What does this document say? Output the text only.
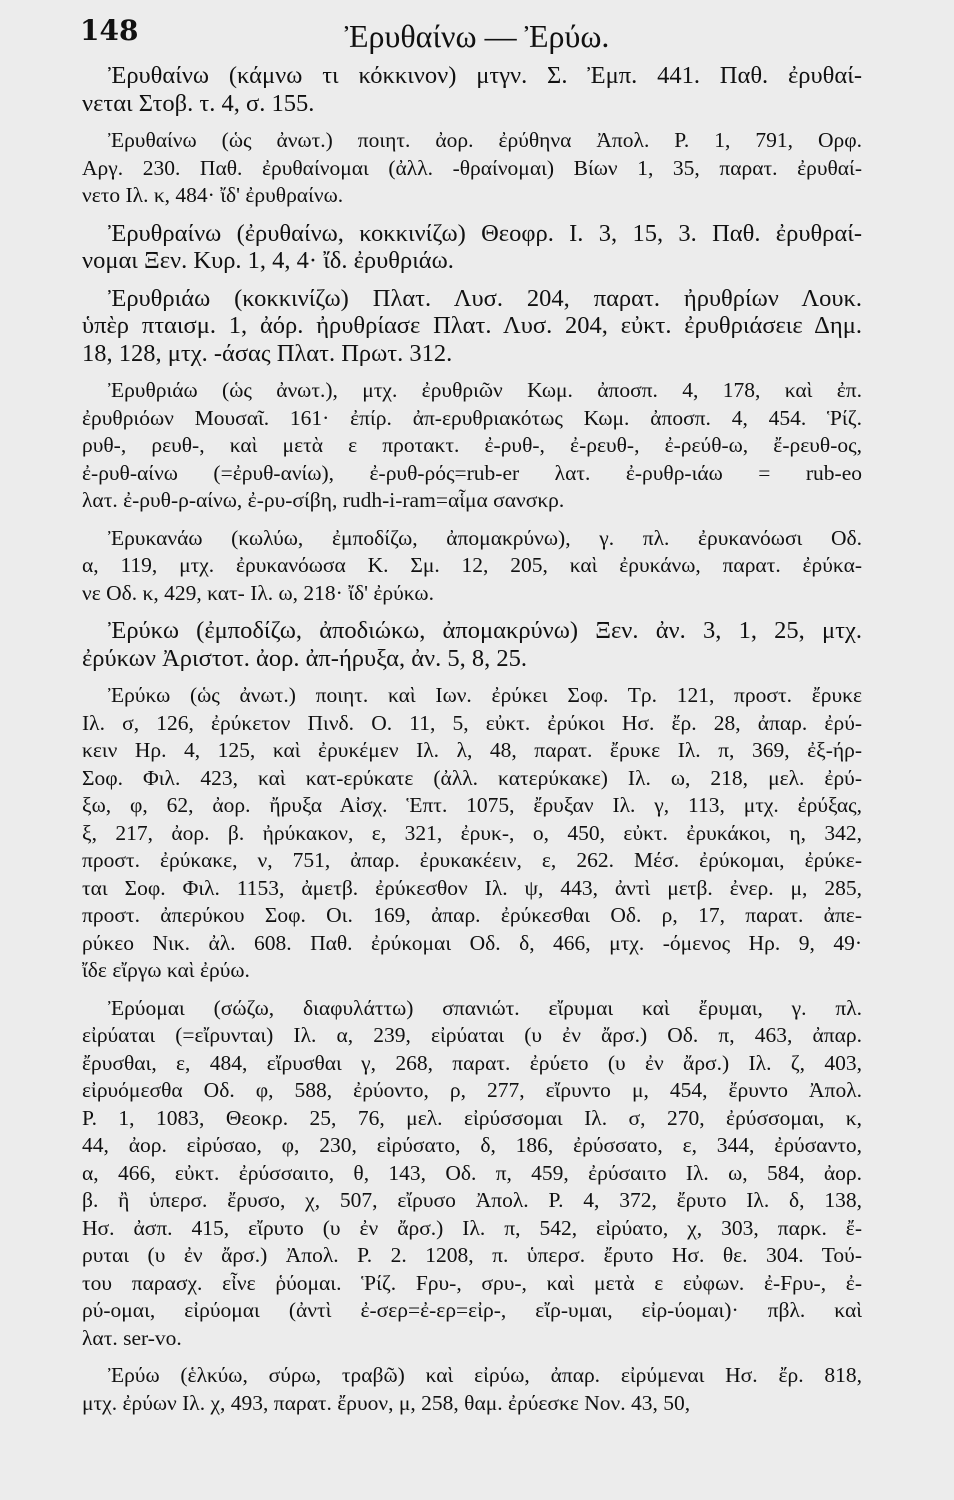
148	Ἐρυθαίνω — Ἐρύω.
Ἐρυθαίνω (κάμνω τι κόκκινον) μτγν. Σ. Ἐμπ. 441. Παθ. ἐρυθαί-
νεται Στοβ. τ. 4, σ. 155.
Ἐρυθαίνω (ὡς ἀνωτ.) ποιητ. ἀορ. ἐρύθηνα Ἀπολ. Ρ. 1, 791, Ορφ.
Αργ. 230. Παθ. ἐρυθαίνομαι (ἀλλ. -θραίνομαι) Βίων 1, 35, παρατ. ἐρυθαί-
νετο Ιλ. κ, 484· ἴδ' ἐρυθραίνω.
Ἐρυθραίνω (ἐρυθαίνω, κοκκινίζω) Θεοφρ. Ι. 3, 15, 3. Παθ. ἐρυθραί-
νομαι Ξεν. Κυρ. 1, 4, 4· ἴδ. ἐρυθριάω.
Ἐρυθριάω (κοκκινίζω) Πλατ. Λυσ. 204, παρατ. ἠρυθρίων Λουκ.
ὑπὲρ πταισμ. 1, ἀόρ. ἠρυθρίασε Πλατ. Λυσ. 204, εὐκτ. ἐρυθριάσειε Δημ.
18, 128, μτχ. -άσας Πλατ. Πρωτ. 312.
Ἐρυθριάω (ὡς ἀνωτ.), μτχ. ἐρυθριῶν Κωμ. ἀποσπ. 4, 178, καὶ ἐπ.
ἐρυθριόων Μουσαῖ. 161· ἐπίρ. ἀπ-ερυθριακότως Κωμ. ἀποσπ. 4, 454. Ῥίζ.
ρυθ-, ρευθ-, καὶ μετὰ ε προτακτ. ἐ-ρυθ-, ἐ-ρευθ-, ἐ-ρεύθ-ω, ἔ-ρευθ-ος,
ἐ-ρυθ-αίνω (=ἐρυθ-ανίω), ἐ-ρυθ-ρός=rub-er λατ. ἐ-ρυθρ-ιάω = rub-eo
λατ. ἐ-ρυθ-ρ-αίνω, ἐ-ρυ-σίβη, rudh-i-ram=αἷμα σανσκρ.
Ἐρυκανάω (κωλύω, ἐμποδίζω, ἀπομακρύνω), γ. πλ. ἐρυκανόωσι Οδ.
α, 119, μτχ. ἐρυκανόωσα Κ. Σμ. 12, 205, καὶ ἐρυκάνω, παρατ. ἐρύκα-
νε Οδ. κ, 429, κατ- Ιλ. ω, 218· ἴδ' ἐρύκω.
Ἐρύκω (ἐμποδίζω, ἀποδιώκω, ἀπομακρύνω) Ξεν. ἀν. 3, 1, 25, μτχ.
ἐρύκων Ἀριστοτ. ἀορ. ἀπ-ήρυξα, ἀν. 5, 8, 25.
Ἐρύκω (ὡς ἀνωτ.) ποιητ. καὶ Ιων. ἐρύκει Σοφ. Τρ. 121, προστ. ἔρυκε
Ιλ. σ, 126, ἐρύκετον Πινδ. Ο. 11, 5, εὐκτ. ἐρύκοι Ησ. ἔρ. 28, ἀπαρ. ἐρύ-
κειν Ηρ. 4, 125, καὶ ἐρυκέμεν Ιλ. λ, 48, παρατ. ἔρυκε Ιλ. π, 369, ἐξ-ήρ-
Σοφ. Φιλ. 423, καὶ κατ-ερύκατε (ἀλλ. κατερύκακε) Ιλ. ω, 218, μελ. ἐρύ-
ξω, φ, 62, ἀορ. ἤρυξα Αἰσχ. Ἑπτ. 1075, ἔρυξαν Ιλ. γ, 113, μτχ. ἐρύξας,
ξ, 217, ἀορ. β. ἠρύκακον, ε, 321, ἐρυκ-, ο, 450, εὐκτ. ἐρυκάκοι, η, 342,
προστ. ἐρύκακε, ν, 751, ἀπαρ. ἐρυκακέειν, ε, 262. Μέσ. ἐρύκομαι, ἐρύκε-
ται Σοφ. Φιλ. 1153, ἀμετβ. ἐρύκεσθον Ιλ. ψ, 443, ἀντὶ μετβ. ἐνερ. μ, 285,
προστ. ἀπερύκου Σοφ. Οι. 169, ἀπαρ. ἐρύκεσθαι Οδ. ρ, 17, παρατ. ἀπε-
ρύκεο Νικ. ἀλ. 608. Παθ. ἐρύκομαι Οδ. δ, 466, μτχ. -όμενος Ηρ. 9, 49·
ἴδε εἴργω καὶ ἐρύω.
Ἐρύομαι (σώζω, διαφυλάττω) σπανιώτ. εἴρυμαι καὶ ἔρυμαι, γ. πλ.
εἰρύαται (=εἴρυνται) Ιλ. α, 239, εἰρύαται (υ ἐν ἄρσ.) Οδ. π, 463, ἀπαρ.
ἔρυσθαι, ε, 484, εἴρυσθαι γ, 268, παρατ. ἐρύετο (υ ἐν ἄρσ.) Ιλ. ζ, 403,
εἰρυόμεσθα Οδ. φ, 588, ἐρύοντο, ρ, 277, εἴρυντο μ, 454, ἔρυντο Ἀπολ.
Ρ. 1, 1083, Θεοκρ. 25, 76, μελ. εἰρύσσομαι Ιλ. σ, 270, ἐρύσσομαι, κ,
44, ἀορ. εἰρύσαο, φ, 230, εἰρύσατο, δ, 186, ἐρύσσατο, ε, 344, ἐρύσαντο,
α, 466, εὐκτ. ἐρύσσαιτο, θ, 143, Οδ. π, 459, ἐρύσαιτο Ιλ. ω, 584, ἀορ.
β. ἢ ὑπερσ. ἔρυσο, χ, 507, εἴρυσο Ἀπολ. Ρ. 4, 372, ἔρυτο Ιλ. δ, 138,
Ησ. ἀσπ. 415, εἴρυτο (υ ἐν ἄρσ.) Ιλ. π, 542, εἰρύατο, χ, 303, παρκ. ἔ-
ρυται (υ ἐν ἄρσ.) Ἀπολ. Ρ. 2. 1208, π. ὑπερσ. ἔρυτο Ησ. θε. 304. Τού-
του παρασχ. εἶνε ῥύομαι. Ῥίζ. Fρυ-, σρυ-, καὶ μετὰ ε εὐφων. ἐ-Fρυ-, ἐ-
ρύ-ομαι, εἰρύομαι (ἀντὶ ἐ-σερ=ἐ-ερ=εἰρ-, εἴρ-υμαι, εἰρ-ύομαι)· πβλ. καὶ
λατ. ser-vo.
Ἐρύω (ἑλκύω, σύρω, τραβῶ) καὶ εἰρύω, ἀπαρ. εἰρύμεναι Ησ. ἔρ. 818,
μτχ. ἐρύων Ιλ. χ, 493, παρατ. ἔρυον, μ, 258, θαμ. ἐρύεσκε Νον. 43, 50,
